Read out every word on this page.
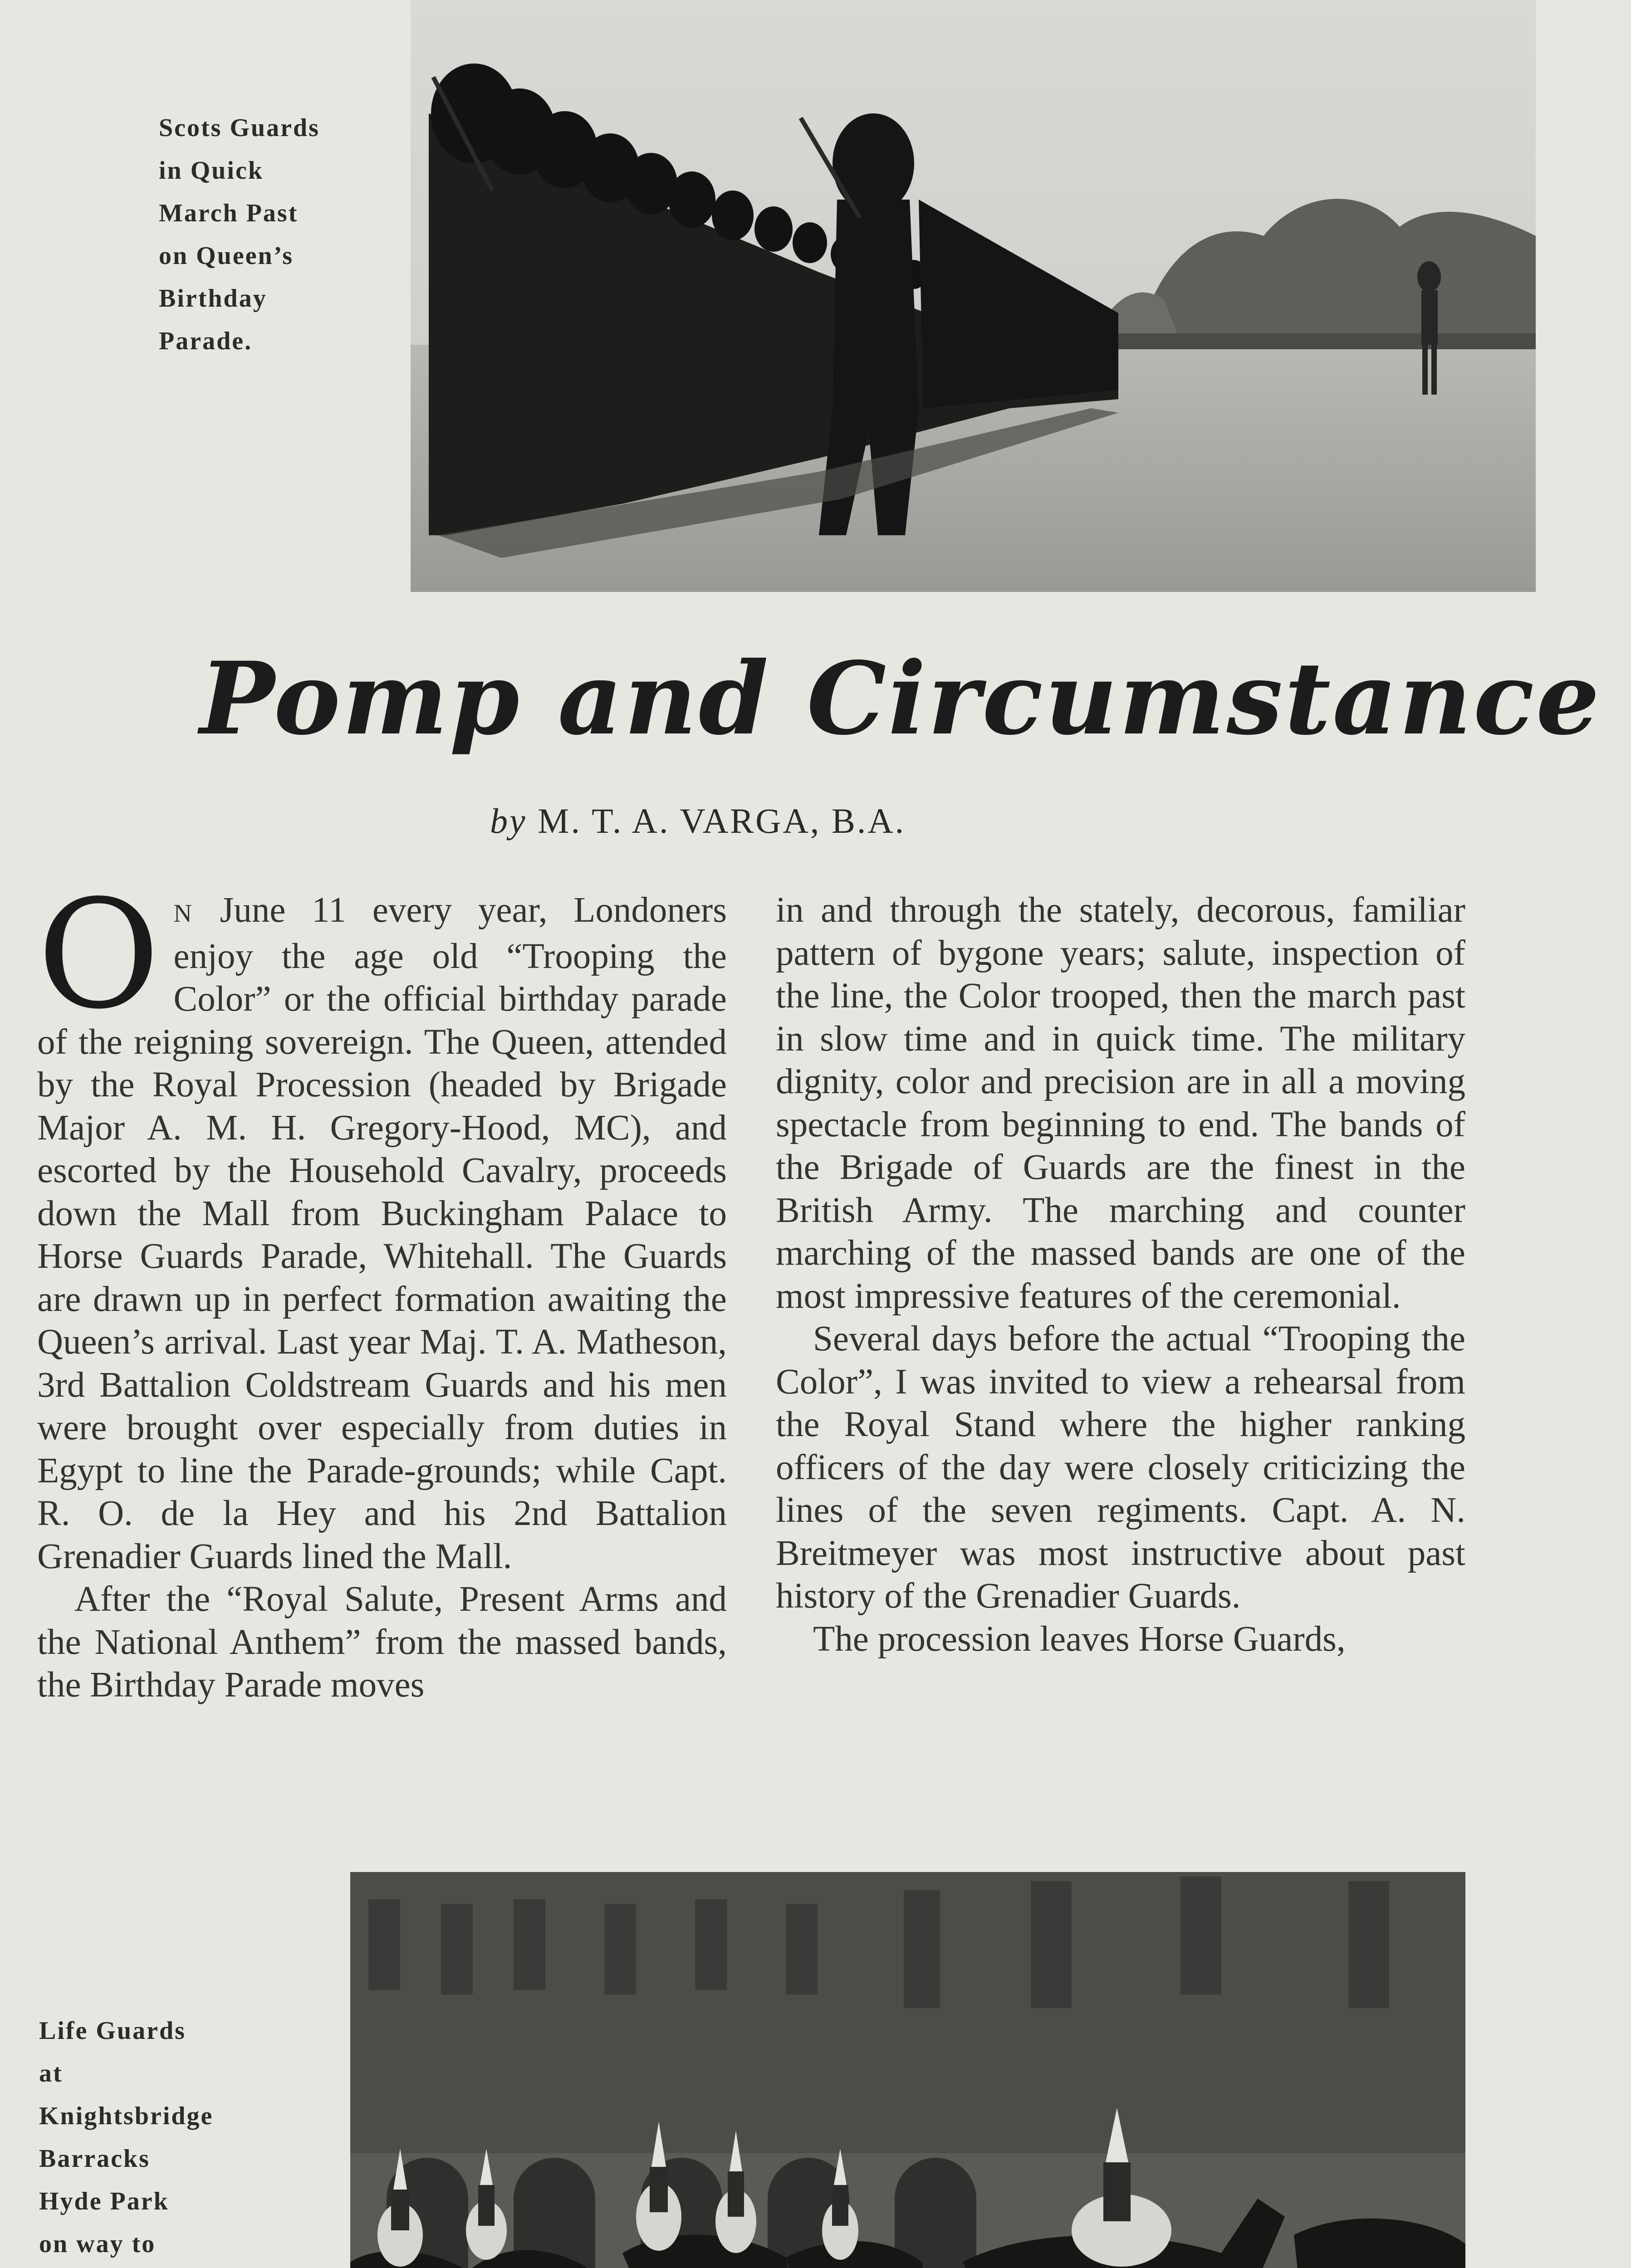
Scots Guards
in Quick
March Past
on Queen’s
Birthday
Parade.
Pomp and Circumstance
by M. T. A. VARGA, B.A.

O N June 11 every year, Londoners enjoy the age old “Trooping the Color” or the official birthday parade of the reigning sovereign. The Queen, attended by the Royal Procession (headed by Brigade Major A. M. H. Gregory-Hood, MC), and escorted by the Household Cavalry, proceeds down the Mall from Buckingham Palace to Horse Guards Parade, Whitehall. The Guards are drawn up in perfect formation awaiting the Queen’s arrival. Last year Maj. T. A. Matheson, 3rd Battalion Coldstream Guards and his men were brought over especially from duties in Egypt to line the Parade-grounds; while Capt. R. O. de la Hey and his 2nd Battalion Grenadier Guards lined the Mall.

After the “Royal Salute, Present Arms and the National Anthem” from the massed bands, the Birthday Parade moves

in and through the stately, decorous, familiar pattern of bygone years; salute, inspection of the line, the Color trooped, then the march past in slow time and in quick time. The military dignity, color and precision are in all a moving spectacle from beginning to end. The bands of the Brigade of Guards are the finest in the British Army. The marching and counter marching of the massed bands are one of the most impressive features of the ceremonial.

Several days before the actual “Trooping the Color”, I was invited to view a rehearsal from the Royal Stand where the higher ranking officers of the day were closely criticizing the lines of the seven regiments. Capt. A. N. Breitmeyer was most instructive about past history of the Grenadier Guards.

The procession leaves Horse Guards,

Life Guards
at
Knightsbridge
Barracks
Hyde Park
on way to
